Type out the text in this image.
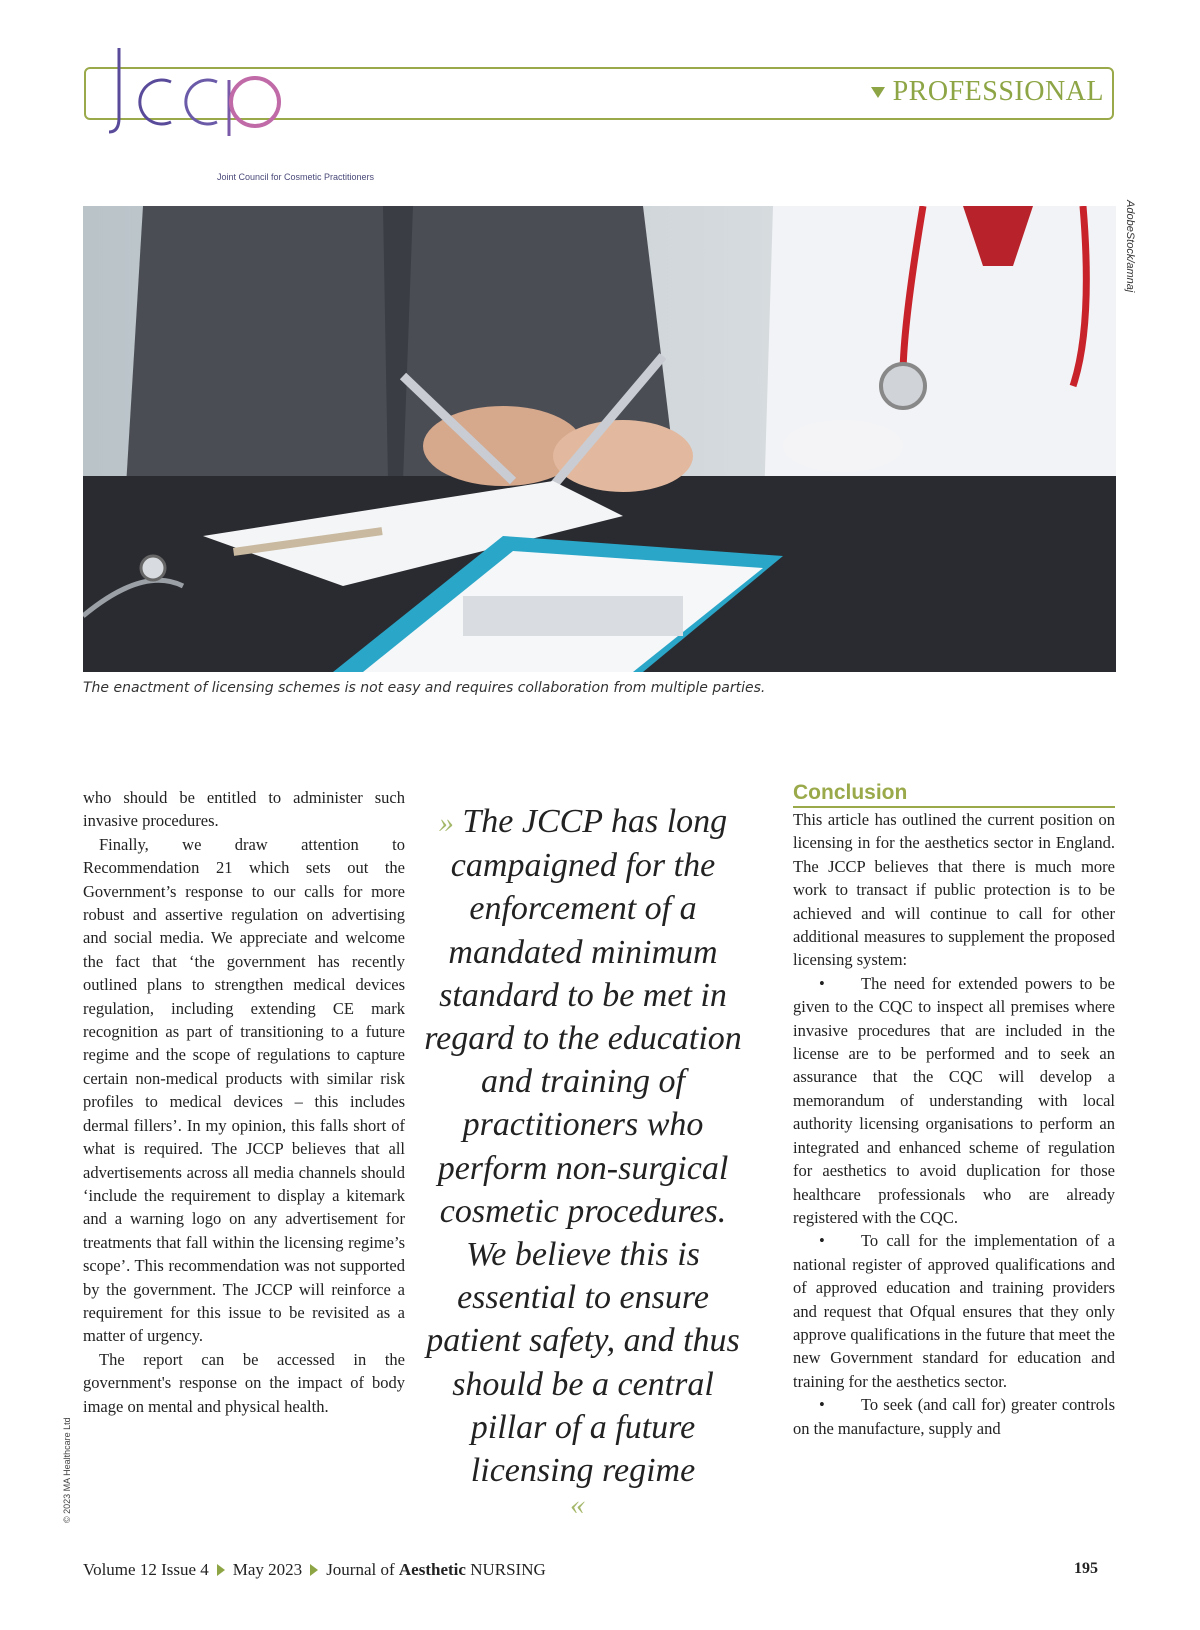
Joint Council for Cosmetic Practitioners
PROFESSIONAL
AdobeStock/amnaj
The enactment of licensing schemes is not easy and requires collaboration from multiple parties.

who should be entitled to administer such invasive procedures.

Finally, we draw attention to Recommendation 21 which sets out the Government’s response to our calls for more robust and assertive regulation on advertising and social media. We appreciate and welcome the fact that ‘the government has recently outlined plans to strengthen medical devices regulation, including extending CE mark recognition as part of transitioning to a future regime and the scope of regulations to capture certain non-medical products with similar risk profiles to medical devices – this includes dermal fillers’. In my opinion, this falls short of what is required. The JCCP believes that all advertisements across all media channels should ‘include the requirement to display a kitemark and a warning logo on any advertisement for treatments that fall within the licensing regime’s scope’. This recommendation was not supported by the government. The JCCP will reinforce a requirement for this issue to be revisited as a matter of urgency.

The report can be accessed in the government's response on the impact of body image on mental and physical health.

» The JCCP has long campaigned for the enforcement of a mandated minimum standard to be met in regard to the education and training of practitioners who perform non-surgical cosmetic procedures. We believe this is essential to ensure patient safety, and thus should be a central pillar of a future licensing regime
«
Conclusion

This article has outlined the current position on licensing in for the aesthetics sector in England. The JCCP believes that there is much more work to transact if public protection is to be achieved and will continue to call for other additional measures to supplement the proposed licensing system:

• The need for extended powers to be given to the CQC to inspect all premises where invasive procedures that are included in the license are to be performed and to seek an assurance that the CQC will develop a memorandum of understanding with local authority licensing organisations to perform an integrated and enhanced scheme of regulation for aesthetics to avoid duplication for those healthcare professionals who are already registered with the CQC.

• To call for the implementation of a national register of approved qualifications and of approved education and training providers and request that Ofqual ensures that they only approve qualifications in the future that meet the new Government standard for education and training for the aesthetics sector.

• To seek (and call for) greater controls on the manufacture, supply and

© 2023 MA Healthcare Ltd
Volume 12 Issue 4 May 2023 Journal of Aesthetic NURSING	195
